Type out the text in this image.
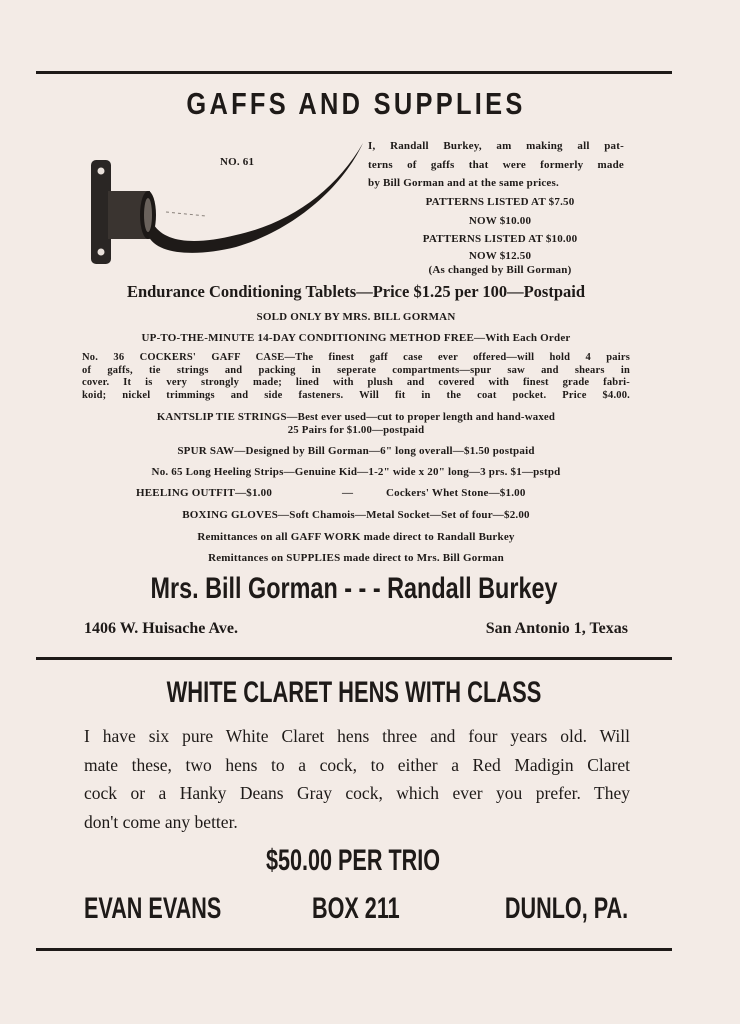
GAFFS AND SUPPLIES
NO. 61
I, Randall Burkey, am making all pat-
terns of gaffs that were formerly made
by Bill Gorman and at the same prices.
PATTERNS LISTED AT $7.50
NOW $10.00
PATTERNS LISTED AT $10.00
NOW $12.50
(As changed by Bill Gorman)
Endurance Conditioning Tablets—Price $1.25 per 100—Postpaid
SOLD ONLY BY MRS. BILL GORMAN
UP-TO-THE-MINUTE 14-DAY CONDITIONING METHOD FREE—With Each Order
No. 36 COCKERS' GAFF CASE—The finest gaff case ever offered—will hold 4 pairs
of gaffs, tie strings and packing in seperate compartments—spur saw and shears in
cover. It is very strongly made; lined with plush and covered with finest grade fabri-
koid; nickel trimmings and side fasteners. Will fit in the coat pocket. Price $4.00.
KANTSLIP TIE STRINGS—Best ever used—cut to proper length and hand-waxed
25 Pairs for $1.00—postpaid
SPUR SAW—Designed by Bill Gorman—6" long overall—$1.50 postpaid
No. 65 Long Heeling Strips—Genuine Kid—1-2" wide x 20" long—3 prs. $1—pstpd
HEELING OUTFIT—$1.00	—	Cockers' Whet Stone—$1.00
BOXING GLOVES—Soft Chamois—Metal Socket—Set of four—$2.00
Remittances on all GAFF WORK made direct to Randall Burkey
Remittances on SUPPLIES made direct to Mrs. Bill Gorman
Mrs. Bill Gorman - - - Randall Burkey
1406 W. Huisache Ave.	San Antonio 1, Texas
WHITE CLARET HENS WITH CLASS
I have six pure White Claret hens three and four years old. Will
mate these, two hens to a cock, to either a Red Madigin Claret
cock or a Hanky Deans Gray cock, which ever you prefer. They
don't come any better.
$50.00 PER TRIO
EVAN EVANS	BOX 211	DUNLO, PA.
